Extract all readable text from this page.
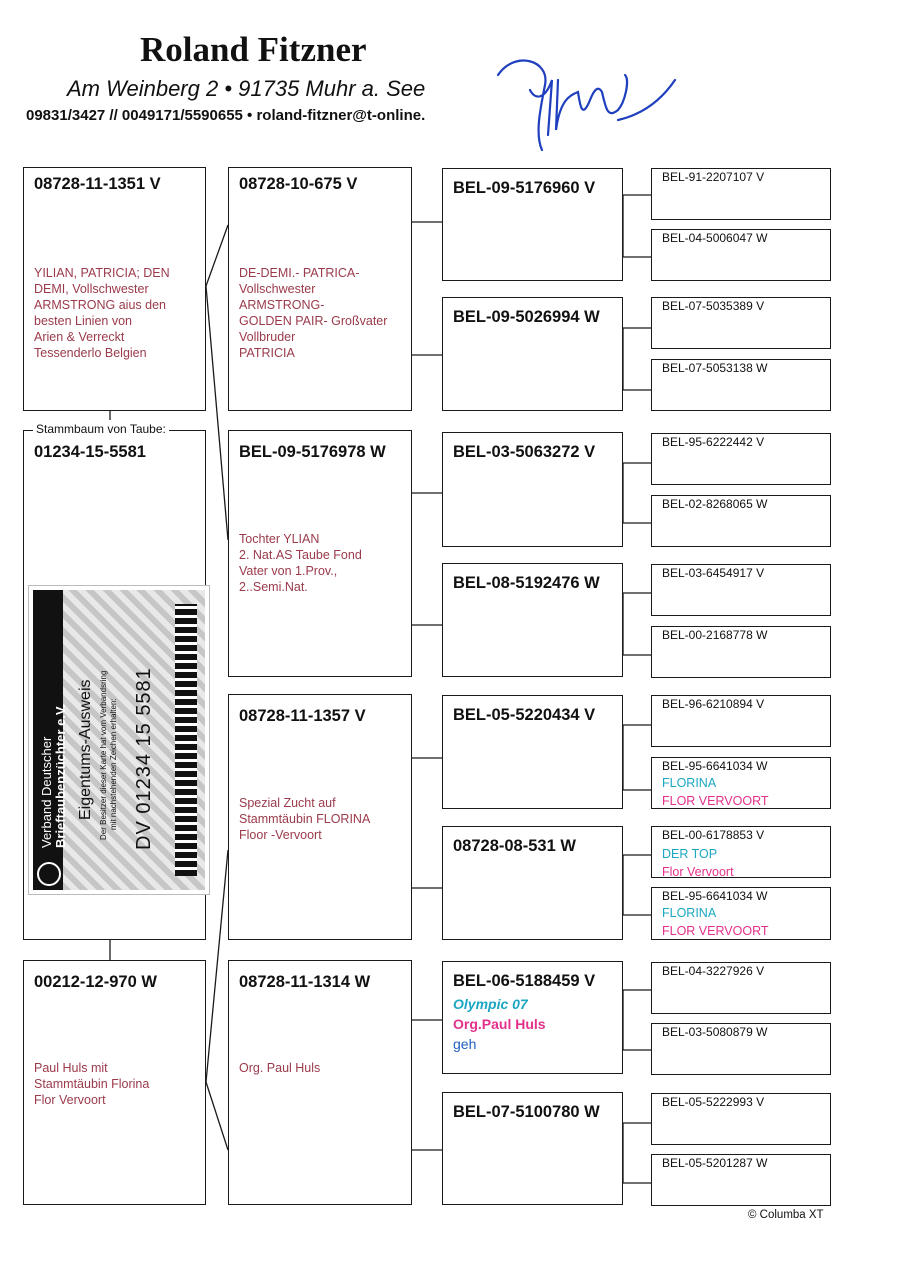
Roland Fitzner
Am Weinberg 2 • 91735 Muhr a. See
09831/3427 // 0049171/5590655 • roland-fitzner@t-online.
08728-11-1351 V
YILIAN, PATRICIA; DEN
DEMI, Vollschwester
ARMSTRONG aius den
besten Linien von
Arien & Verreckt
Tessenderlo Belgien
01234-15-5581
Stammbaum von Taube:
Verband Deutscher Brieftaubenzüchter e.V. Eigentums-Ausweis Der Besitzer dieser Karte hat vom Verbandsring mit nachstehenden Zeichen erhalten: DV 01234 15 5581
00212-12-970 W
Paul Huls mit
Stammtäubin Florina
Flor Vervoort
08728-10-675 V
DE-DEMI.- PATRICA-
Vollschwester
ARMSTRONG-
GOLDEN PAIR- Großvater
Vollbruder
PATRICIA
BEL-09-5176978 W
Tochter YLIAN
2. Nat.AS Taube Fond
Vater von 1.Prov.,
2..Semi.Nat.
08728-11-1357 V
Spezial Zucht auf
Stammtäubin FLORINA
Floor -Vervoort
08728-11-1314 W
Org. Paul Huls
BEL-09-5176960 V
BEL-09-5026994 W
BEL-03-5063272 V
BEL-08-5192476 W
BEL-05-5220434 V
08728-08-531 W
BEL-06-5188459 V
Olympic 07
Org.Paul Huls
geh
BEL-07-5100780 W
BEL-91-2207107 V
BEL-04-5006047 W
BEL-07-5035389 V
BEL-07-5053138 W
BEL-95-6222442 V
BEL-02-8268065 W
BEL-03-6454917 V
BEL-00-2168778 W
BEL-96-6210894 V
BEL-95-6641034 W
FLORINA
FLOR VERVOORT
BEL-00-6178853 V
DER TOP
Flor Vervoort
BEL-95-6641034 W
FLORINA
FLOR VERVOORT
BEL-04-3227926 V
BEL-03-5080879 W
BEL-05-5222993 V
BEL-05-5201287 W
© Columba XT
